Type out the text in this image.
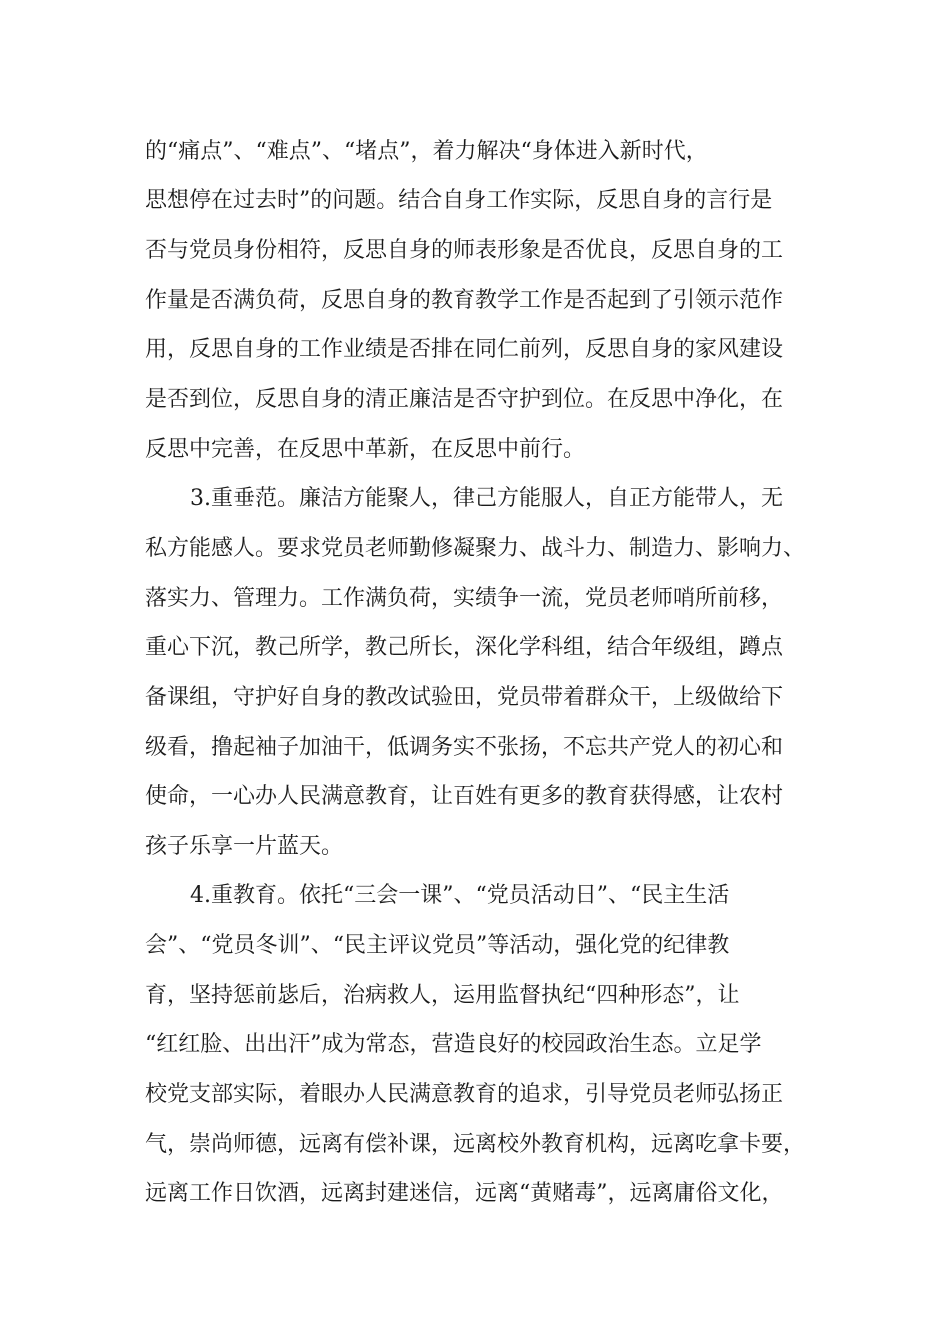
的“痛点”、“难点”、“堵点”，着力解决“身体进入新时代，
思想停在过去时”的问题。结合自身工作实际，反思自身的言行是
否与党员身份相符，反思自身的师表形象是否优良，反思自身的工
作量是否满负荷，反思自身的教育教学工作是否起到了引领示范作
用，反思自身的工作业绩是否排在同仁前列，反思自身的家风建设
是否到位，反思自身的清正廉洁是否守护到位。在反思中净化，在
反思中完善，在反思中革新，在反思中前行。
3.重垂范。廉洁方能聚人，律己方能服人，自正方能带人，无
私方能感人。要求党员老师勤修凝聚力、战斗力、制造力、影响力、
落实力、管理力。工作满负荷，实绩争一流，党员老师哨所前移，
重心下沉，教己所学，教己所长，深化学科组，结合年级组，蹲点
备课组，守护好自身的教改试验田，党员带着群众干，上级做给下
级看，撸起袖子加油干，低调务实不张扬，不忘共产党人的初心和
使命，一心办人民满意教育，让百姓有更多的教育获得感，让农村
孩子乐享一片蓝天。
4.重教育。依托“三会一课”、“党员活动日”、“民主生活
会”、“党员冬训”、“民主评议党员”等活动，强化党的纪律教
育，坚持惩前毖后，治病救人，运用监督执纪“四种形态”，让
“红红脸、出出汗”成为常态，营造良好的校园政治生态。立足学
校党支部实际，着眼办人民满意教育的追求，引导党员老师弘扬正
气，崇尚师德，远离有偿补课，远离校外教育机构，远离吃拿卡要，
远离工作日饮酒，远离封建迷信，远离“黄赌毒”，远离庸俗文化，
